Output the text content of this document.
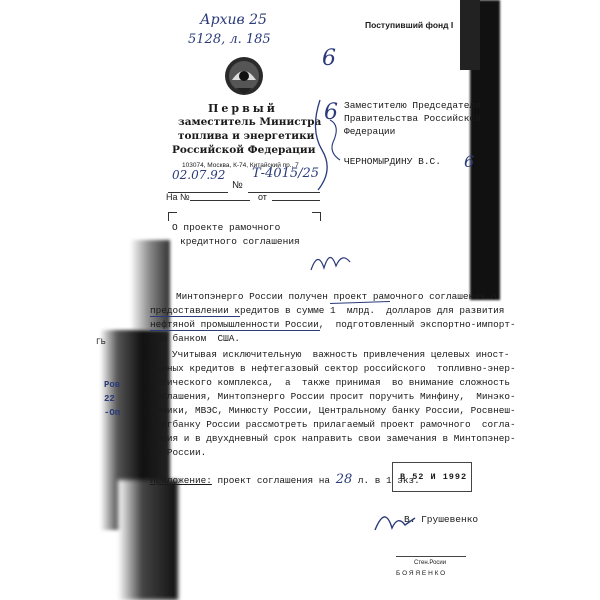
Архив 25
5128, л. 185
Поступивший фонд I
Первый
заместитель Министра
топлива и энергетики
Российской Федерации
103074, Москва, К-74, Китайский пр., 7
02.07.92
№
Т-4015/25
На №	от
Заместителю Председателя
Правительства Российской
Федерации
ЧЕРНОМЫРДИНУ В.С.
6
6
6
О проекте рамочного
кредитного соглашения
Минтопэнерго России получен проект рамочного соглашения о
предоставлении кредитов в сумме 1  млрд.  долларов для развития
нефтяной промышленности России,  подготовленный экспортно-импорт-
ным банком  США.
Учитывая исключительную  важность привлечения целевых иност-
ранных кредитов в нефтегазовый сектор российского  топливно-энер-
гетического комплекса,  а  также принимая  во внимание сложность
соглашения, Минтопэнерго России просит поручить Минфину,  Минэко-
номики, МВЭС, Минюсту России, Центральному банку России, Росвнеш-
торгбанку России рассмотреть прилагаемый проект рамочного  согла-
шения и в двухдневный срок направить свои замечания в Минтопэнер-
го России.
Приложение: проект соглашения на 28 л. в 1 экз.
В 52 И 1992
В. Грушевенко
Стен.Росии
Б О Я Я Е Н К О
ГЬ
Ров
22
-Оп
